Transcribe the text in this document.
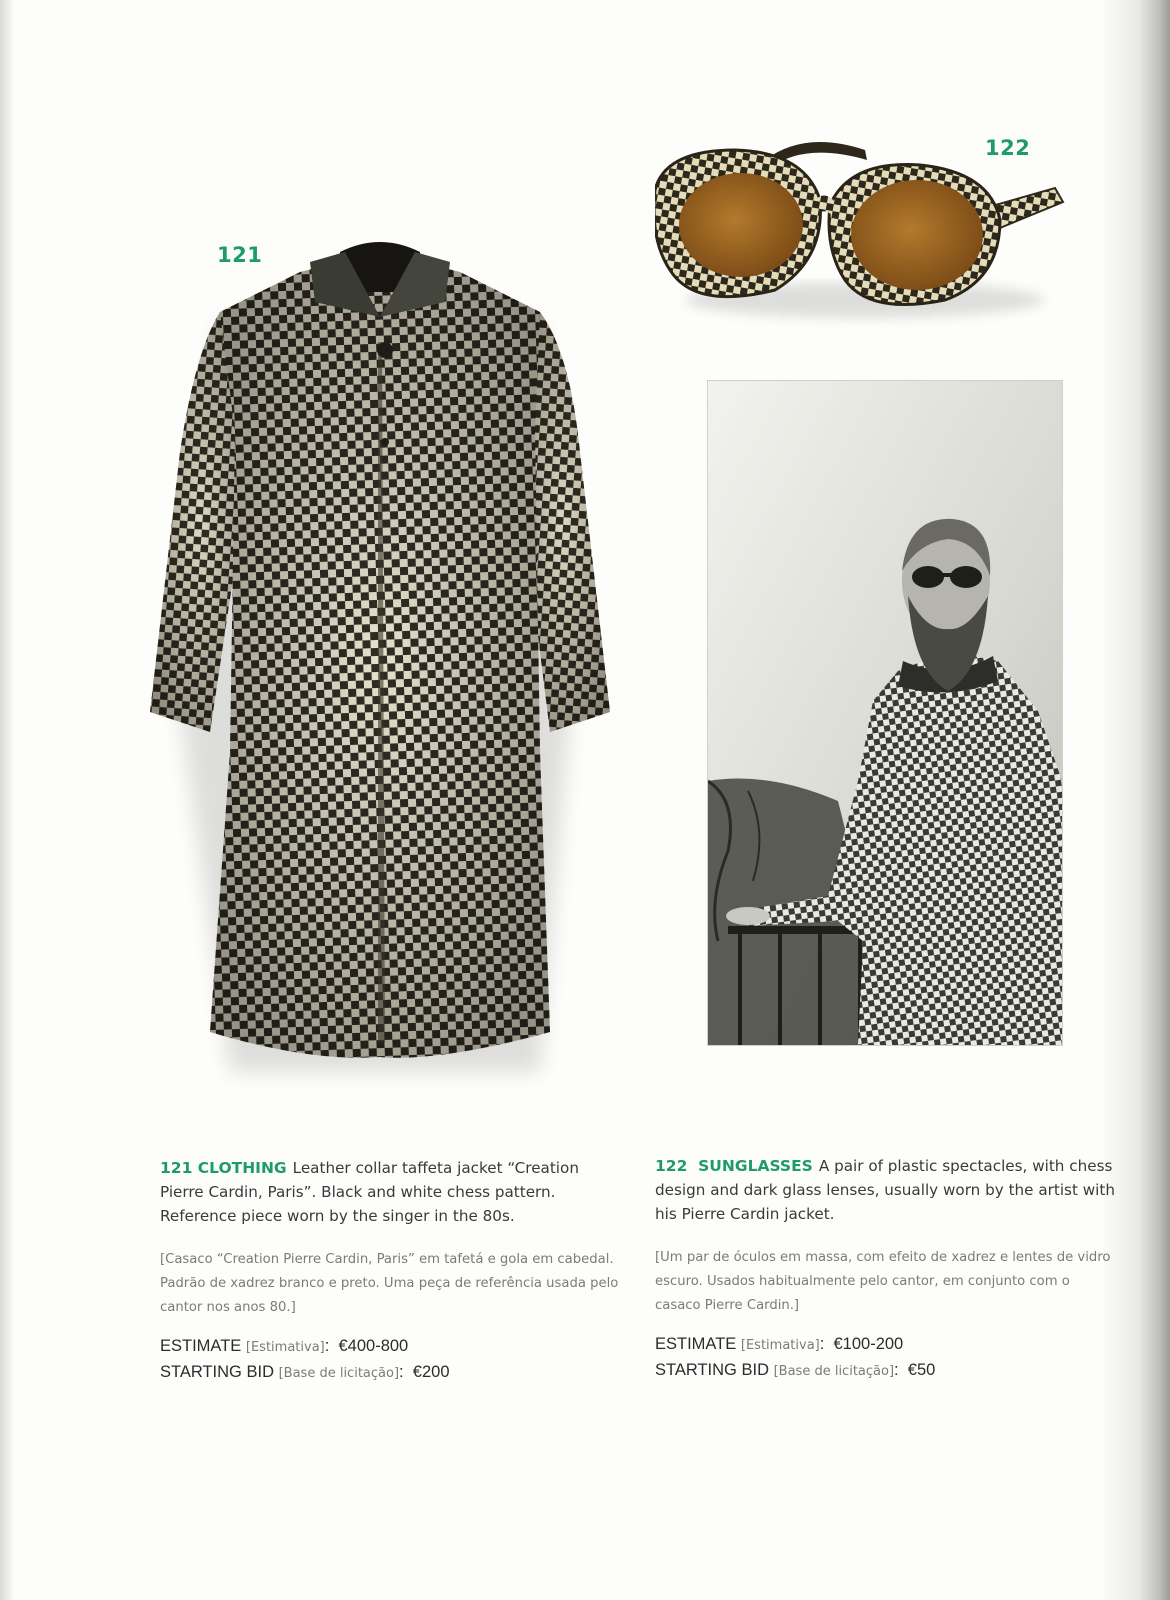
121
122

121 CLOTHING Leather collar taffeta jacket “Creation Pierre Cardin, Paris”. Black and white chess pattern. Reference piece worn by the singer in the 80s.

[Casaco “Creation Pierre Cardin, Paris” em tafetá e gola em cabedal. Padrão de xadrez branco e preto. Uma peça de referência usada pelo cantor nos anos 80.]

ESTIMATE [Estimativa]:  €400-800
STARTING BID [Base de licitação]:  €200

122  SUNGLASSES A pair of plastic spectacles, with chess design and dark glass lenses, usually worn by the artist with his Pierre Cardin jacket.

[Um par de óculos em massa, com efeito de xadrez e lentes de vidro escuro. Usados habitualmente pelo cantor, em conjunto com o casaco Pierre Cardin.]

ESTIMATE [Estimativa]:  €100-200
STARTING BID [Base de licitação]:  €50
